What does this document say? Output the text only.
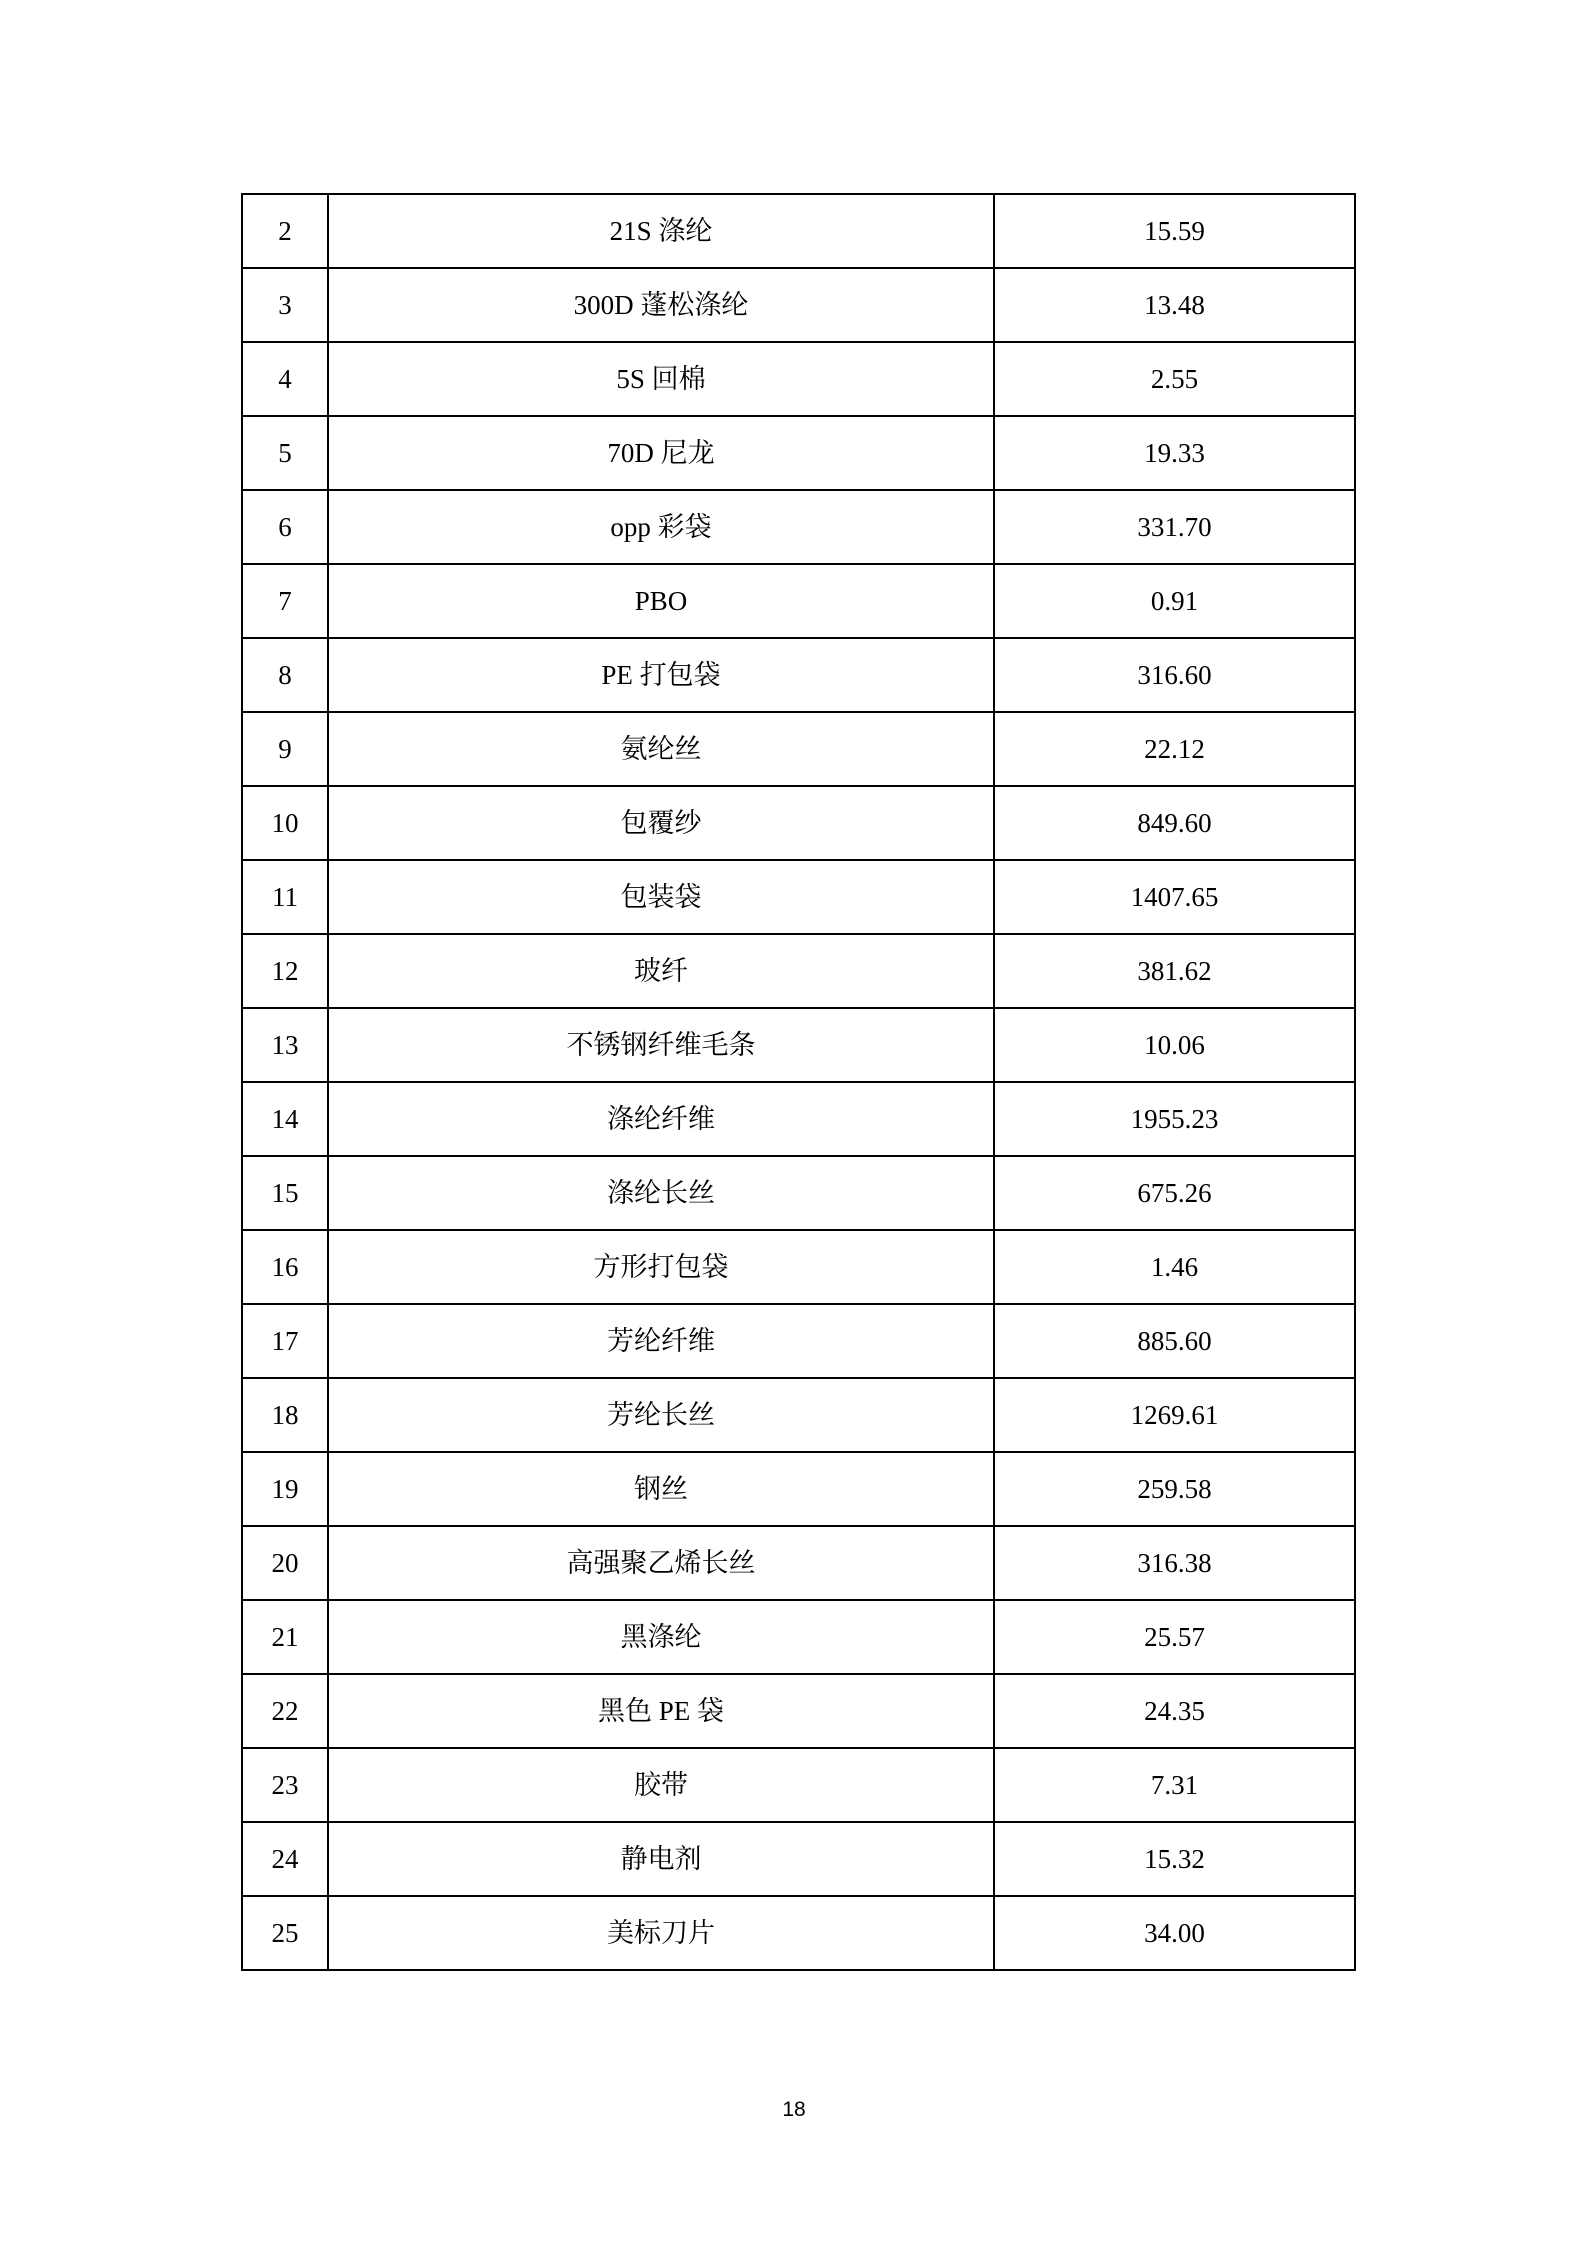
2	21S 涤纶	15.59
3	300D 蓬松涤纶	13.48
4	5S 回棉	2.55
5	70D 尼龙	19.33
6	opp 彩袋	331.70
7	PBO	0.91
8	PE 打包袋	316.60
9	氨纶丝	22.12
10	包覆纱	849.60
11	包装袋	1407.65
12	玻纤	381.62
13	不锈钢纤维毛条	10.06
14	涤纶纤维	1955.23
15	涤纶长丝	675.26
16	方形打包袋	1.46
17	芳纶纤维	885.60
18	芳纶长丝	1269.61
19	钢丝	259.58
20	高强聚乙烯长丝	316.38
21	黑涤纶	25.57
22	黑色 PE 袋	24.35
23	胶带	7.31
24	静电剂	15.32
25	美标刀片	34.00
18
